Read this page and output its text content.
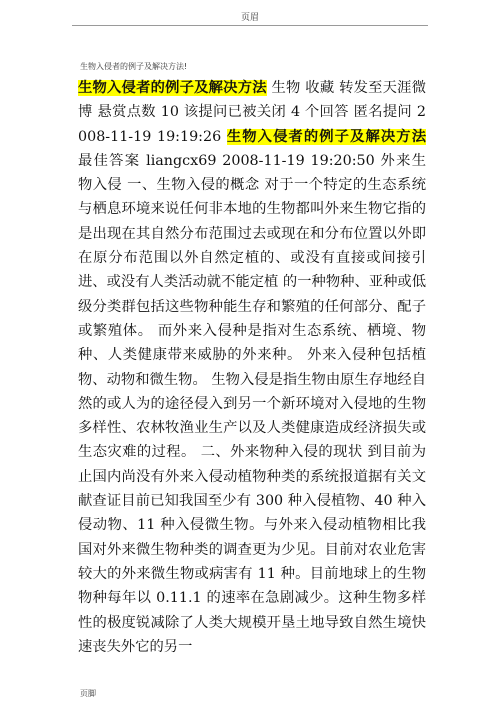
页眉
生物入侵者的例子及解决方法!

生物入侵者的例子及解决方法 生物 收藏 转发至天涯微博 悬赏点数 10 该提问已被关闭 4 个回答 匿名提问 2008-11-19 19:19:26 生物入侵者的例子及解决方法 最佳答案 liangcx69 2008-11-19 19:20:50 外来生物入侵 一、生物入侵的概念 对于一个特定的生态系统与栖息环境来说任何非本地的生物都叫外来生物它指的是出现在其自然分布范围过去或现在和分布位置以外即在原分布范围以外自然定植的、或没有直接或间接引进、或没有人类活动就不能定植 的一种物种、亚种或低级分类群包括这些物种能生存和繁殖的任何部分、配子或繁殖体。 而外来入侵种是指对生态系统、栖境、物种、人类健康带来威胁的外来种。 外来入侵种包括植物、动物和微生物。 生物入侵是指生物由原生存地经自然的或人为的途径侵入到另一个新环境对入侵地的生物多样性、农林牧渔业生产以及人类健康造成经济损失或生态灾难的过程。 二、外来物种入侵的现状 到目前为止国内尚没有外来入侵动植物种类的系统报道据有关文献查证目前已知我国至少有 300 种入侵植物、40 种入侵动物、11 种入侵微生物。与外来入侵动植物相比我国对外来微生物种类的调查更为少见。目前对农业危害较大的外来微生物或病害有 11 种。目前地球上的生物物种每年以 0.11.1 的速率在急剧减少。这种生物多样性的极度锐减除了人类大规模开垦土地导致自然生境快速丧失外它的另一

页脚
